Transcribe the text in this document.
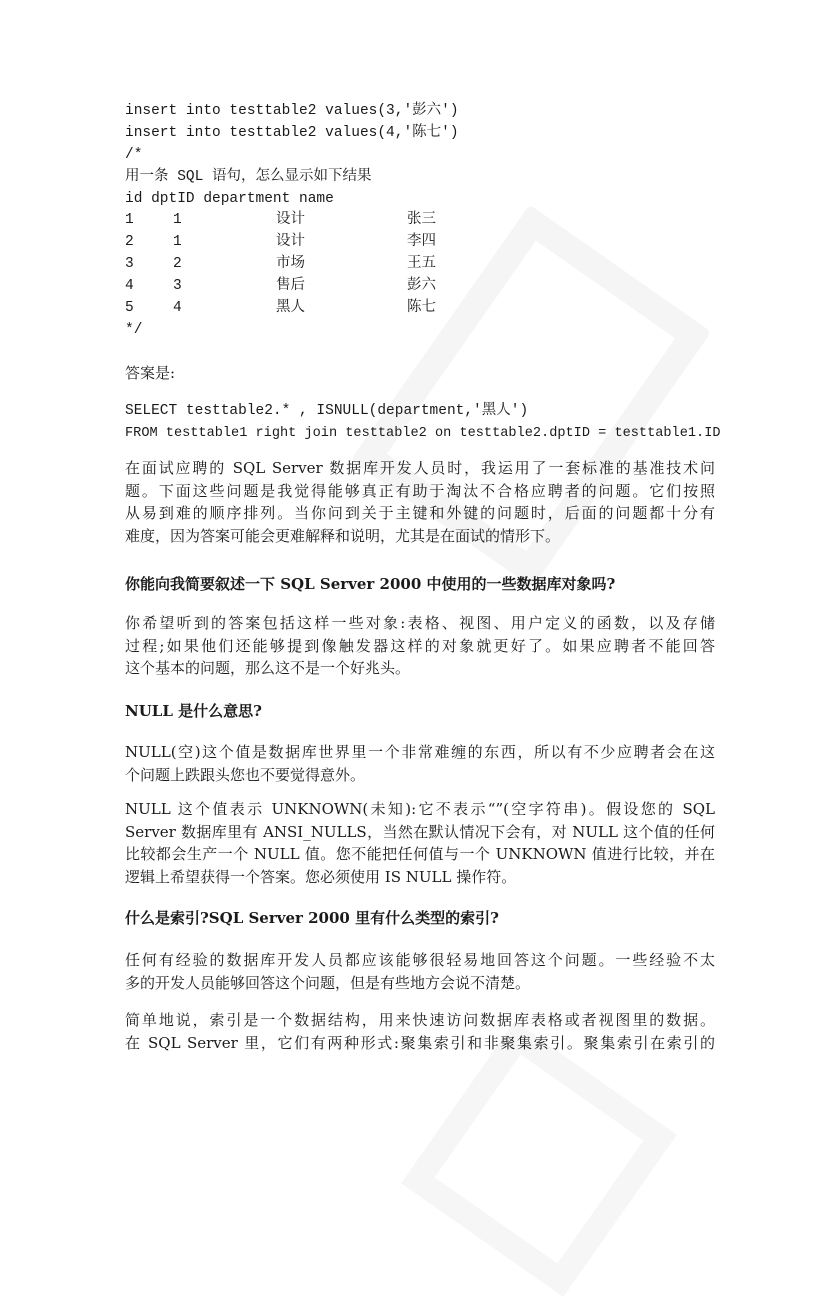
insert into testtable2 values(3,'彭六')
insert into testtable2 values(4,'陈七')
/*
用一条 SQL 语句，怎么显示如下结果
id dptID department name
1	1	设计	张三
2	1	设计	李四
3	2	市场	王五
4	3	售后	彭六
5	4	黑人	陈七
*/
答案是:
SELECT testtable2.* , ISNULL(department,'黑人')
FROM testtable1 right join testtable2 on testtable2.dptID = testtable1.ID
在面试应聘的 SQL Server 数据库开发人员时，我运用了一套标准的基准技术问
题。下面这些问题是我觉得能够真正有助于淘汰不合格应聘者的问题。它们按照
从易到难的顺序排列。当你问到关于主键和外键的问题时，后面的问题都十分有
难度，因为答案可能会更难解释和说明，尤其是在面试的情形下。
你能向我简要叙述一下 SQL Server 2000 中使用的一些数据库对象吗?
你希望听到的答案包括这样一些对象:表格、视图、用户定义的函数，以及存储
过程;如果他们还能够提到像触发器这样的对象就更好了。如果应聘者不能回答
这个基本的问题，那么这不是一个好兆头。
NULL 是什么意思?
NULL(空)这个值是数据库世界里一个非常难缠的东西，所以有不少应聘者会在这
个问题上跌跟头您也不要觉得意外。
NULL 这个值表示 UNKNOWN(未知):它不表示“”(空字符串)。假设您的 SQL
Server 数据库里有 ANSI_NULLS，当然在默认情况下会有，对 NULL 这个值的任何
比较都会生产一个 NULL 值。您不能把任何值与一个 UNKNOWN 值进行比较，并在
逻辑上希望获得一个答案。您必须使用 IS NULL 操作符。
什么是索引?SQL Server 2000 里有什么类型的索引?
任何有经验的数据库开发人员都应该能够很轻易地回答这个问题。一些经验不太
多的开发人员能够回答这个问题，但是有些地方会说不清楚。
简单地说，索引是一个数据结构，用来快速访问数据库表格或者视图里的数据。
在 SQL Server 里，它们有两种形式:聚集索引和非聚集索引。聚集索引在索引的
